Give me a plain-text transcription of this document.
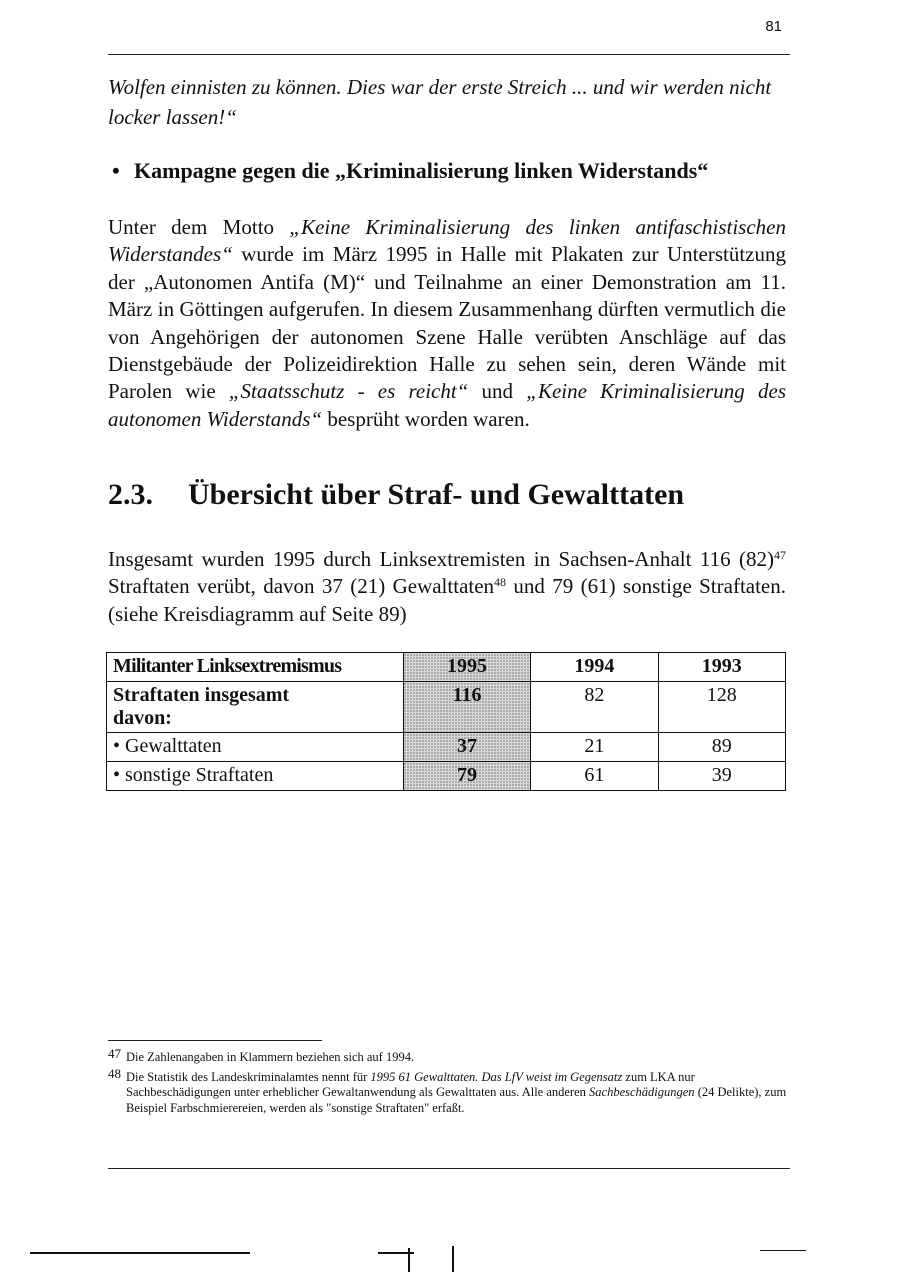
81
Wolfen einnisten zu können. Dies war der erste Streich ... und wir werden nicht locker lassen!“
• Kampagne gegen die „Kriminalisierung linken Widerstands“
Unter dem Motto „Keine Kriminalisierung des linken antifaschistischen Widerstandes“ wurde im März 1995 in Halle mit Plakaten zur Unterstützung der „Autonomen Antifa (M)“ und Teilnahme an einer Demonstration am 11. März in Göttingen aufgerufen. In diesem Zusammenhang dürften vermutlich die von Angehörigen der autonomen Szene Halle verübten Anschläge auf das Dienstgebäude der Polizeidirektion Halle zu sehen sein, deren Wände mit Parolen wie „Staatsschutz - es reicht“ und „Keine Kriminalisierung des autonomen Widerstands“ besprüht worden waren.
2.3. Übersicht über Straf- und Gewalttaten
Insgesamt wurden 1995 durch Linksextremisten in Sachsen-Anhalt 116 $(82)^{47}$ Straftaten verübt, davon 37 (21) Gewalttaten$^{48}$ und 79 (61) sonstige Straftaten. (siehe Kreisdiagramm auf Seite 89)
Militanter Linksextremismus	1995	1994	1993

Straftaten insgesamt
davon:	116	82	128
• Gewalttaten	37	21	89
• sonstige Straftaten	79	61	39
47 Die Zahlenangaben in Klammern beziehen sich auf 1994.
48 Die Statistik des Landeskriminalamtes nennt für 1995 61 Gewalttaten. Das LfV weist im Gegensatz zum LKA nur Sachbeschädigungen unter erheblicher Gewaltanwendung als Gewalttaten aus. Alle anderen Sachbeschädigungen (24 Delikte), zum Beispiel Farbschmierereien, werden als "sonstige Straftaten" erfaßt.
